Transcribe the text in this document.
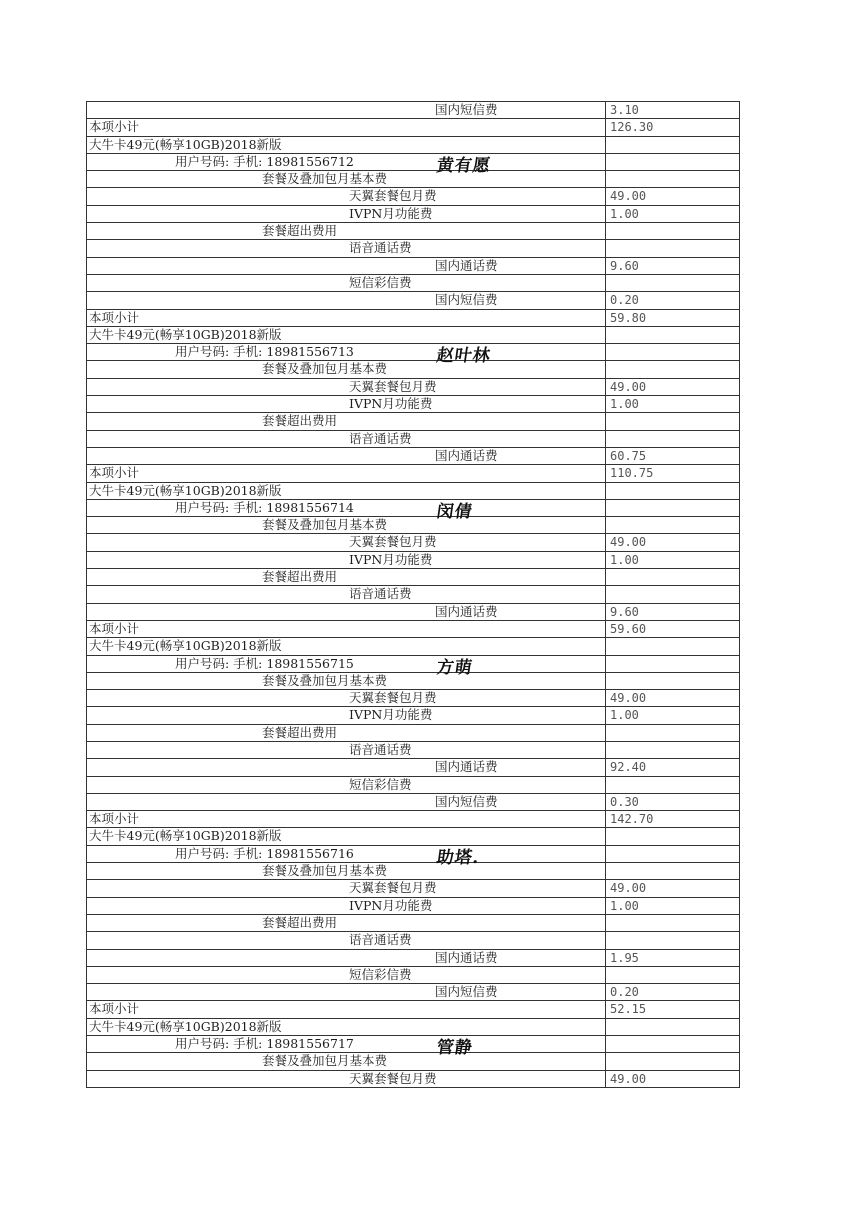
国内短信费	3.10
本项小计	126.30
大牛卡49元(畅享10GB)2018新版
用户号码: 手机: 18981556712	黄有愿
套餐及叠加包月基本费
天翼套餐包月费	49.00
IVPN月功能费	1.00
套餐超出费用
语音通话费
国内通话费	9.60
短信彩信费
国内短信费	0.20
本项小计	59.80
大牛卡49元(畅享10GB)2018新版
用户号码: 手机: 18981556713	赵叶林
套餐及叠加包月基本费
天翼套餐包月费	49.00
IVPN月功能费	1.00
套餐超出费用
语音通话费
国内通话费	60.75
本项小计	110.75
大牛卡49元(畅享10GB)2018新版
用户号码: 手机: 18981556714	闵倩
套餐及叠加包月基本费
天翼套餐包月费	49.00
IVPN月功能费	1.00
套餐超出费用
语音通话费
国内通话费	9.60
本项小计	59.60
大牛卡49元(畅享10GB)2018新版
用户号码: 手机: 18981556715	方萌
套餐及叠加包月基本费
天翼套餐包月费	49.00
IVPN月功能费	1.00
套餐超出费用
语音通话费
国内通话费	92.40
短信彩信费
国内短信费	0.30
本项小计	142.70
大牛卡49元(畅享10GB)2018新版
用户号码: 手机: 18981556716	助塔.
套餐及叠加包月基本费
天翼套餐包月费	49.00
IVPN月功能费	1.00
套餐超出费用
语音通话费
国内通话费	1.95
短信彩信费
国内短信费	0.20
本项小计	52.15
大牛卡49元(畅享10GB)2018新版
用户号码: 手机: 18981556717	管静
套餐及叠加包月基本费
天翼套餐包月费	49.00
